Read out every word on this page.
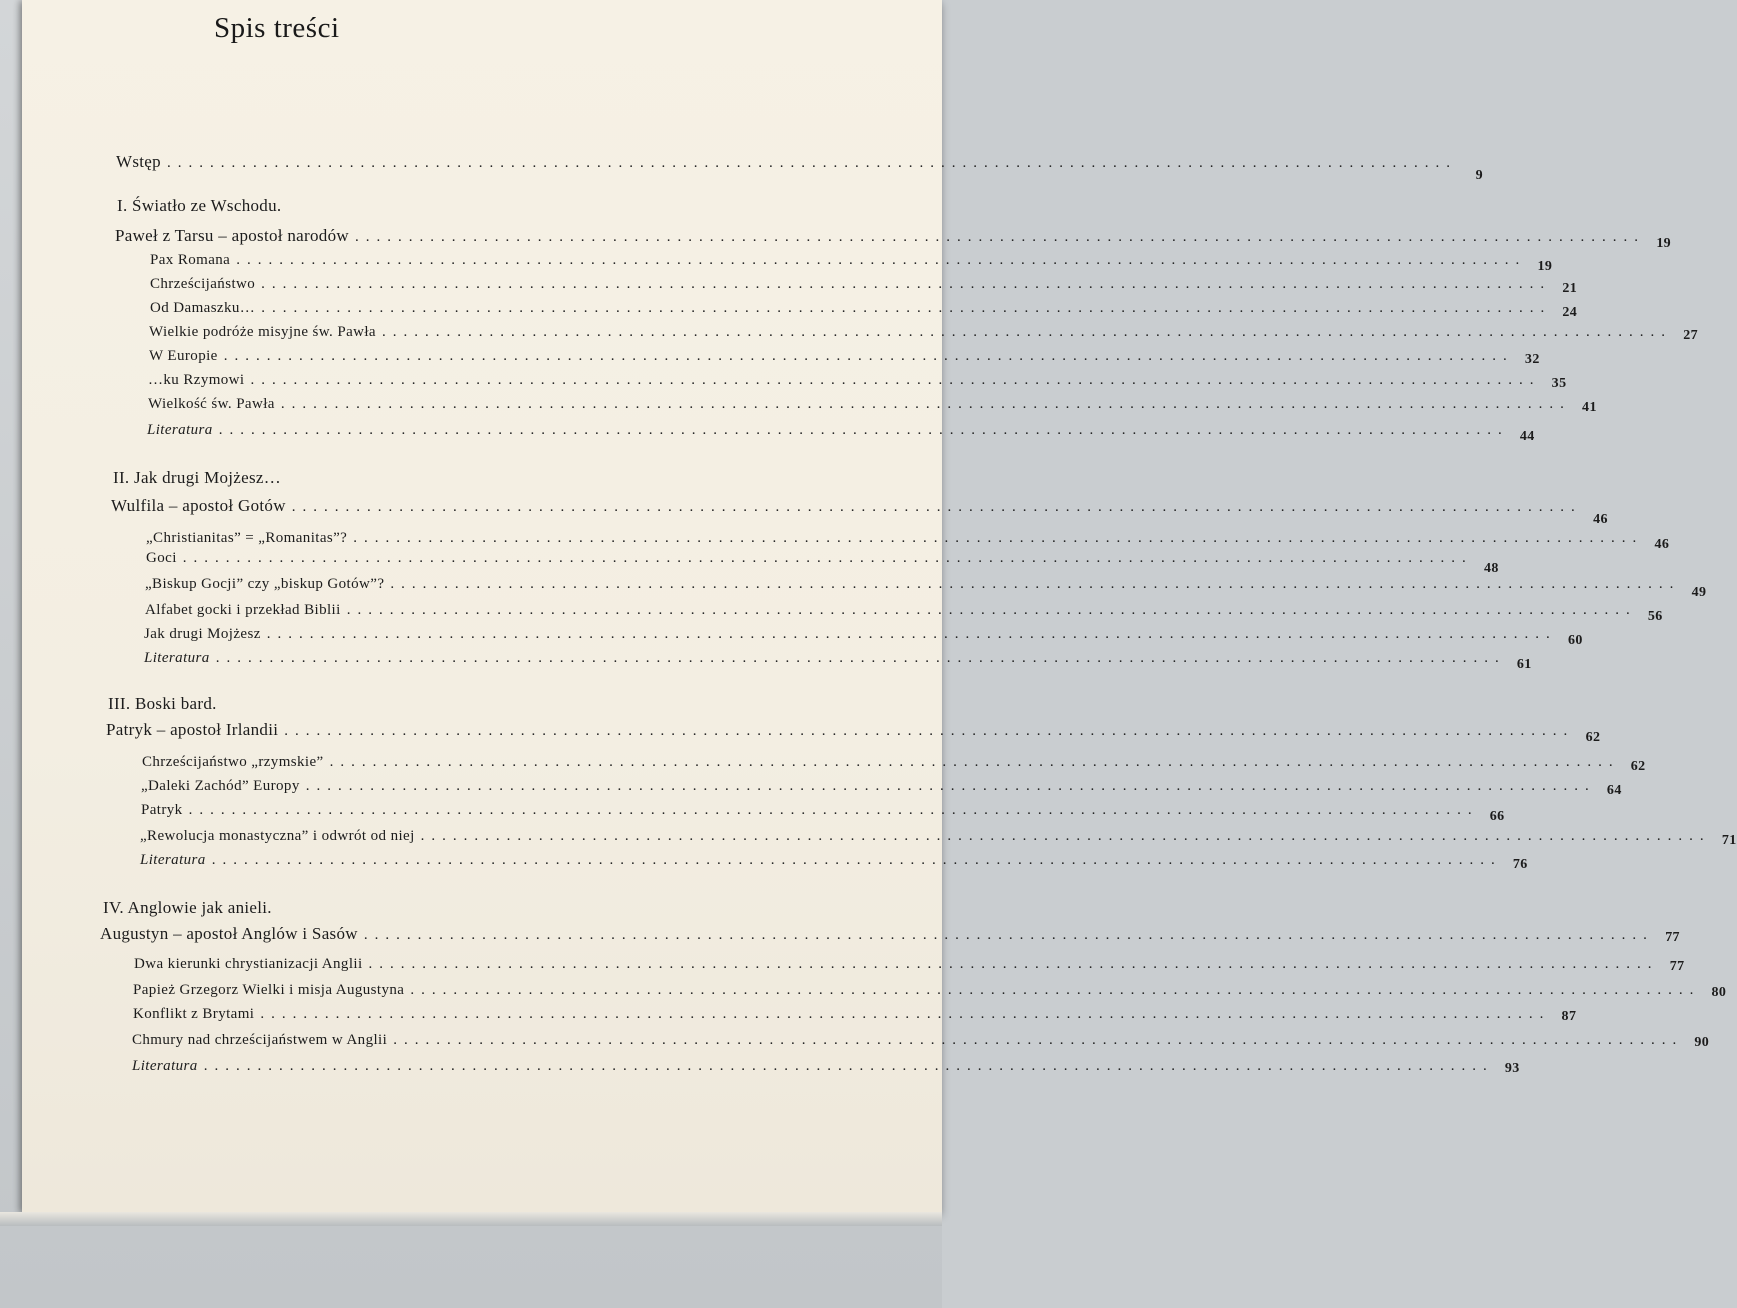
Spis treści
Wstęp ........................................................................................................................
9
I. Światło ze Wschodu.
Paweł z Tarsu – apostoł narodów ........................................................................................................................ 19
Pax Romana ........................................................................................................................ 19
Chrześcijaństwo ........................................................................................................................ 21
Od Damaszku… ........................................................................................................................ 24
Wielkie podróże misyjne św. Pawła ........................................................................................................................ 27
W Europie ........................................................................................................................ 32
…ku Rzymowi ........................................................................................................................ 35
Wielkość św. Pawła ........................................................................................................................ 41
Literatura ........................................................................................................................ 44
II. Jak drugi Mojżesz…
Wulfila – apostoł Gotów ........................................................................................................................
46
„Christianitas” = „Romanitas”? ........................................................................................................................ 46
Goci ........................................................................................................................
48
„Biskup Gocji” czy „biskup Gotów”? ........................................................................................................................
49
Alfabet gocki i przekład Biblii ........................................................................................................................ 56
Jak drugi Mojżesz ........................................................................................................................ 60
Literatura ........................................................................................................................ 61
III. Boski bard.
Patryk – apostoł Irlandii ........................................................................................................................ 62
Chrześcijaństwo „rzymskie” ........................................................................................................................ 62
„Daleki Zachód” Europy ........................................................................................................................ 64
Patryk ........................................................................................................................ 66
„Rewolucja monastyczna” i odwrót od niej ........................................................................................................................ 71
Literatura ........................................................................................................................ 76
IV. Anglowie jak anieli.
Augustyn – apostoł Anglów i Sasów ........................................................................................................................ 77
Dwa kierunki chrystianizacji Anglii ........................................................................................................................ 77
Papież Grzegorz Wielki i misja Augustyna ........................................................................................................................ 80
Konflikt z Brytami ........................................................................................................................ 87
Chmury nad chrześcijaństwem w Anglii ........................................................................................................................ 90
Literatura ........................................................................................................................ 93
